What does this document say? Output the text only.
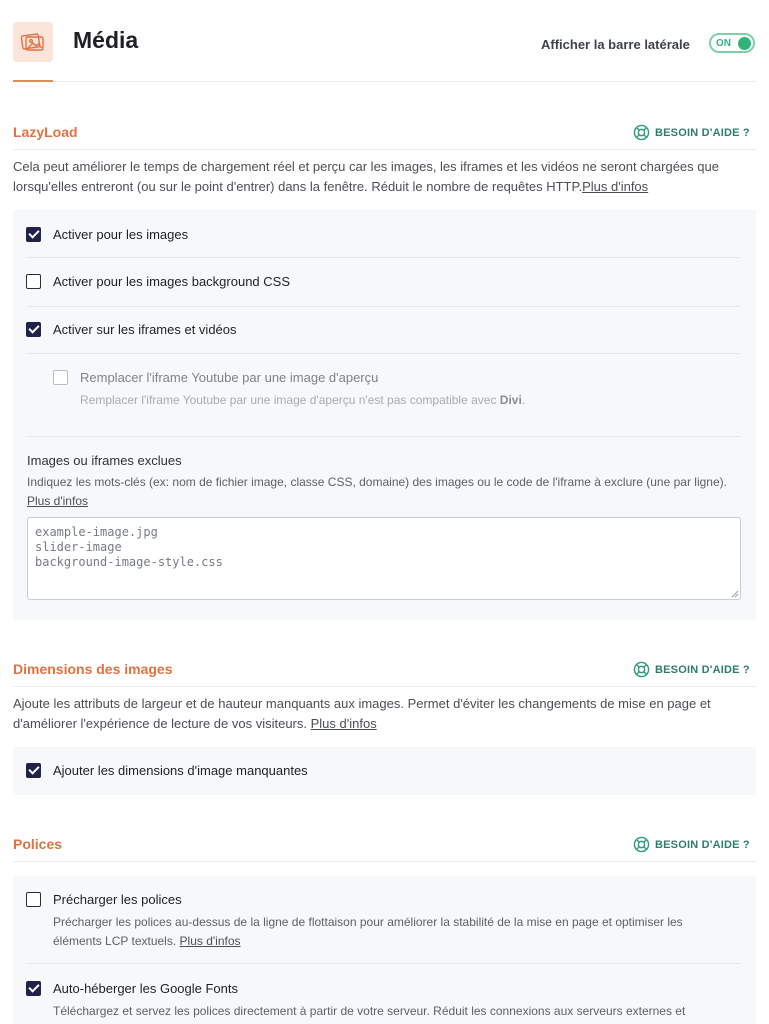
Média	Afficher la barre latérale	ON
LazyLoad	BESOIN D'AIDE ?
Cela peut améliorer le temps de chargement réel et perçu car les images, les iframes et les vidéos ne seront chargées que lorsqu'elles entreront (ou sur le point d'entrer) dans la fenêtre. Réduit le nombre de requêtes HTTP.Plus d'infos
Activer pour les images
Activer pour les images background CSS
Activer sur les iframes et vidéos
Remplacer l'iframe Youtube par une image d'aperçu
Remplacer l'iframe Youtube par une image d'aperçu n'est pas compatible avec Divi.
Images ou iframes exclues
Indiquez les mots-clés (ex: nom de fichier image, classe CSS, domaine) des images ou le code de l'iframe à exclure (une par ligne). Plus d'infos
example-image.jpg
slider-image
background-image-style.css
Dimensions des images	BESOIN D'AIDE ?
Ajoute les attributs de largeur et de hauteur manquants aux images. Permet d'éviter les changements de mise en page et d'améliorer l'expérience de lecture de vos visiteurs. Plus d'infos
Ajouter les dimensions d'image manquantes
Polices	BESOIN D'AIDE ?
Précharger les polices
Précharger les polices au-dessus de la ligne de flottaison pour améliorer la stabilité de la mise en page et optimiser les éléments LCP textuels. Plus d'infos
Auto-héberger les Google Fonts
Téléchargez et servez les polices directement à partir de votre serveur. Réduit les connexions aux serveurs externes et
